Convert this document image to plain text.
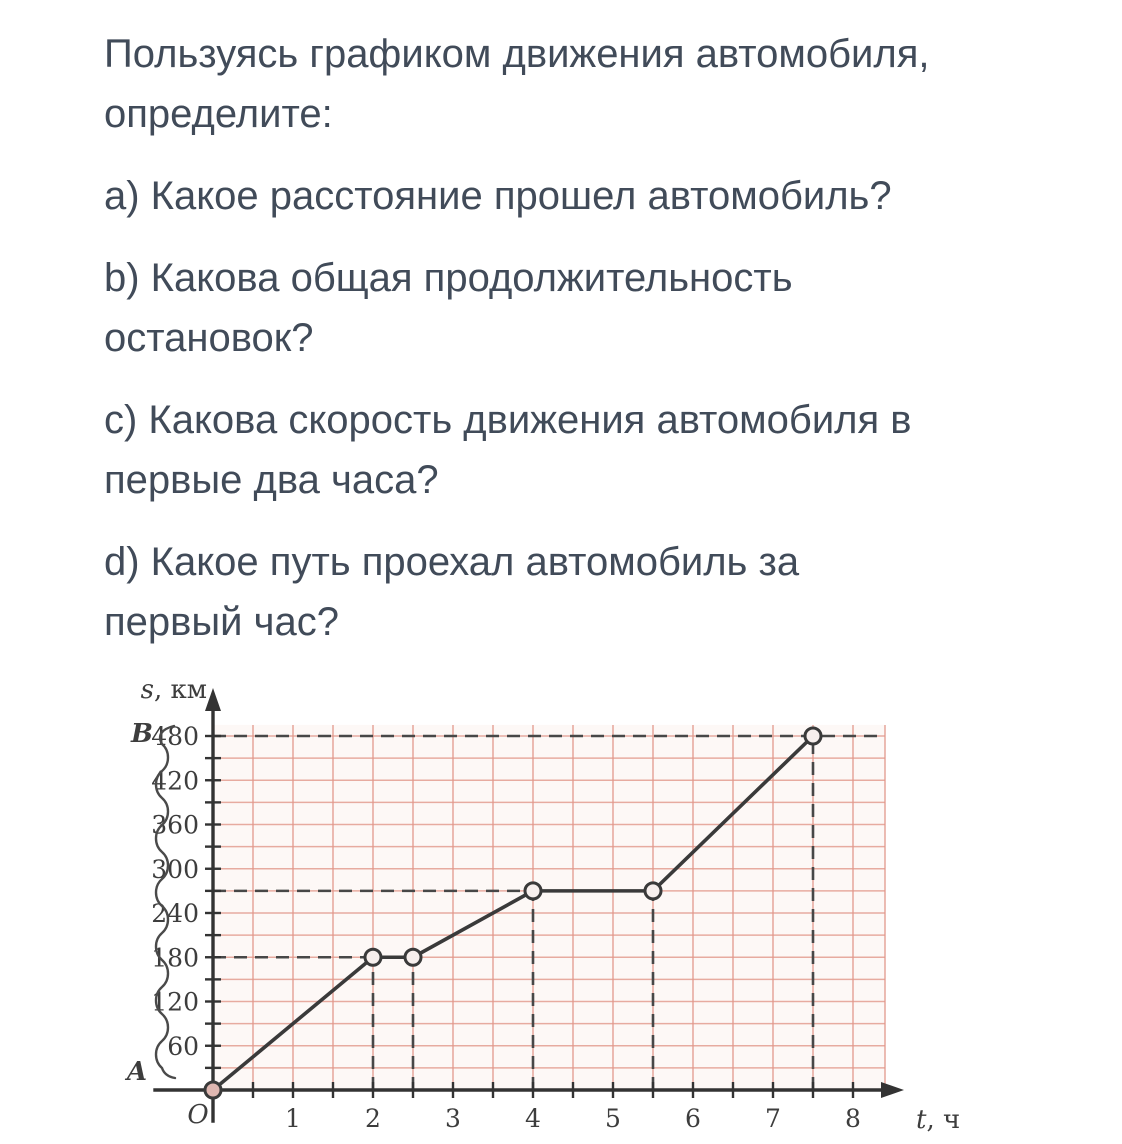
Пользуясь графиком движения автомобиля,
определите:

a) Какое расстояние прошел автомобиль?

b) Какова общая продолжительность
остановок?

c) Какова скорость движения автомобиля в
первые два часа?

d) Какое путь проехал автомобиль за
первый час?

60
120
180
240
300
360
420
480
1	2	3	4	5	6	7	8
s, км
t, ч
O
B
A
